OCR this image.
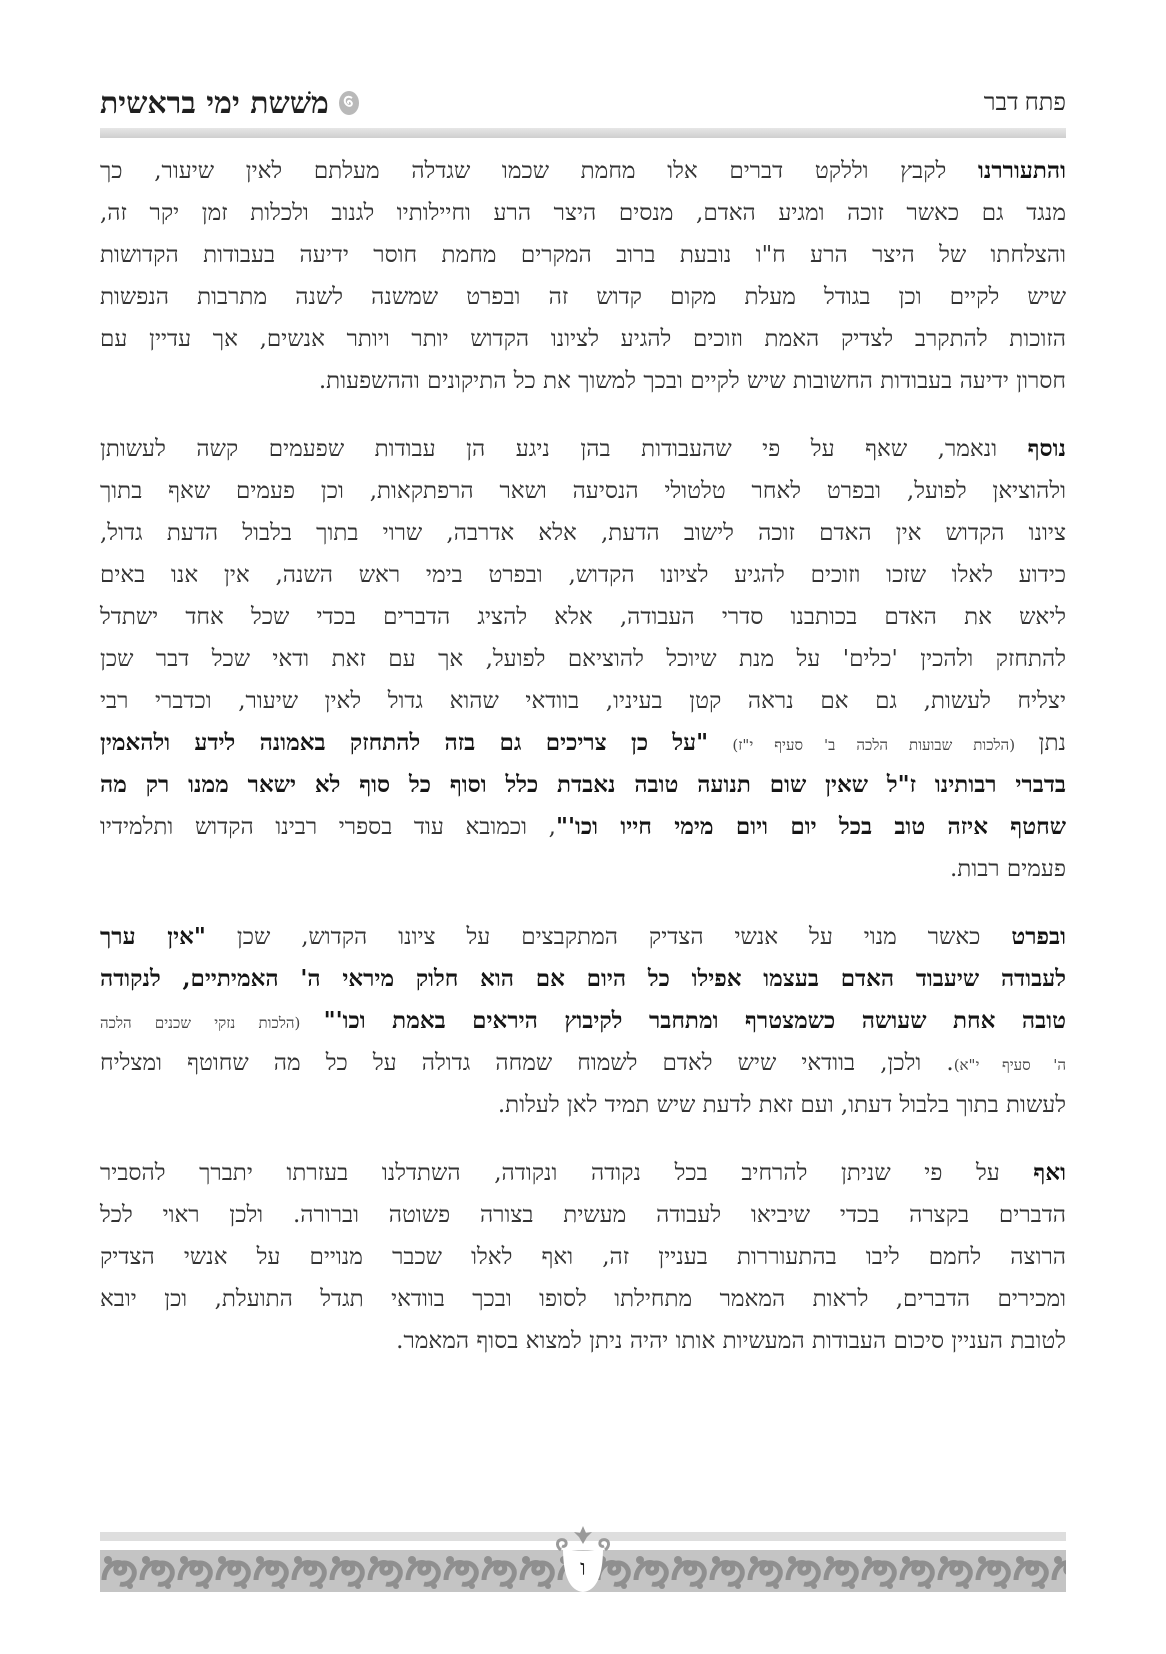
פתח דבר
משׁשת ימי בראשית
והתעוררנו לקבץ וללקט דברים אלו מחמת שכמו שגדלה מעלתם לאין שיעור, כך
מנגד גם כאשר זוכה ומגיע האדם, מנסים היצר הרע וחיילותיו לגנוב ולכלות זמן יקר זה,
והצלחתו של היצר הרע ח"ו נובעת ברוב המקרים מחמת חוסר ידיעה בעבודות הקדושות
שיש לקיים וכן בגודל מעלת מקום קדוש זה ובפרט שמשנה לשנה מתרבות הנפשות
הזוכות להתקרב לצדיק האמת וזוכים להגיע לציונו הקדוש יותר ויותר אנשים, אך עדיין עם
חסרון ידיעה בעבודות החשובות שיש לקיים ובכך למשוך את כל התיקונים וההשפעות.
נוסף ונאמר, שאף על פי שהעבודות בהן ניגע הן עבודות שפעמים קשה לעשותן
ולהוציאן לפועל, ובפרט לאחר טלטולי הנסיעה ושאר הרפתקאות, וכן פעמים שאף בתוך
ציונו הקדוש אין האדם זוכה לישוב הדעת, אלא אדרבה, שרוי בתוך בלבול הדעת גדול,
כידוע לאלו שזכו וזוכים להגיע לציונו הקדוש, ובפרט בימי ראש השנה, אין אנו באים
ליאש את האדם בכותבנו סדרי העבודה, אלא להציג הדברים בכדי שכל אחד ישתדל
להתחזק ולהכין 'כלים' על מנת שיוכל להוציאם לפועל, אך עם זאת ודאי שכל דבר שכן
יצליח לעשות, גם אם נראה קטן בעיניו, בוודאי שהוא גדול לאין שיעור, וכדברי רבי
נתן (הלכות שבועות הלכה ב' סעיף י"ז) "על כן צריכים גם בזה להתחזק באמונה לידע ולהאמין
בדברי רבותינו ז"ל שאין שום תנועה טובה נאבדת כלל וסוף כל סוף לא ישאר ממנו רק מה
שחטף איזה טוב בכל יום ויום מימי חייו וכו'", וכמובא עוד בספרי רבינו הקדוש ותלמידיו
פעמים רבות.
ובפרט כאשר מנוי על אנשי הצדיק המתקבצים על ציונו הקדוש, שכן "אין ערך
לעבודה שיעבוד האדם בעצמו אפילו כל היום אם הוא חלוק מיראי ה' האמיתיים, לנקודה
טובה אחת שעושה כשמצטרף ומתחבר לקיבוץ היראים באמת וכו'" (הלכות נזקי שכנים הלכה
ה' סעיף י"א). ולכן, בוודאי שיש לאדם לשמוח שמחה גדולה על כל מה שחוטף ומצליח
לעשות בתוך בלבול דעתו, ועם זאת לדעת שיש תמיד לאן לעלות.
ואף על פי שניתן להרחיב בכל נקודה ונקודה, השתדלנו בעזרתו יתברך להסביר
הדברים בקצרה בכדי שיביאו לעבודה מעשית בצורה פשוטה וברורה. ולכן ראוי לכל
הרוצה לחמם ליבו בהתעוררות בעניין זה, ואף לאלו שכבר מנויים על אנשי הצדיק
ומכירים הדברים, לראות המאמר מתחילתו לסופו ובכך בוודאי תגדל התועלת, וכן יובא
לטובת העניין סיכום העבודות המעשיות אותו יהיה ניתן למצוא בסוף המאמר.
ו
